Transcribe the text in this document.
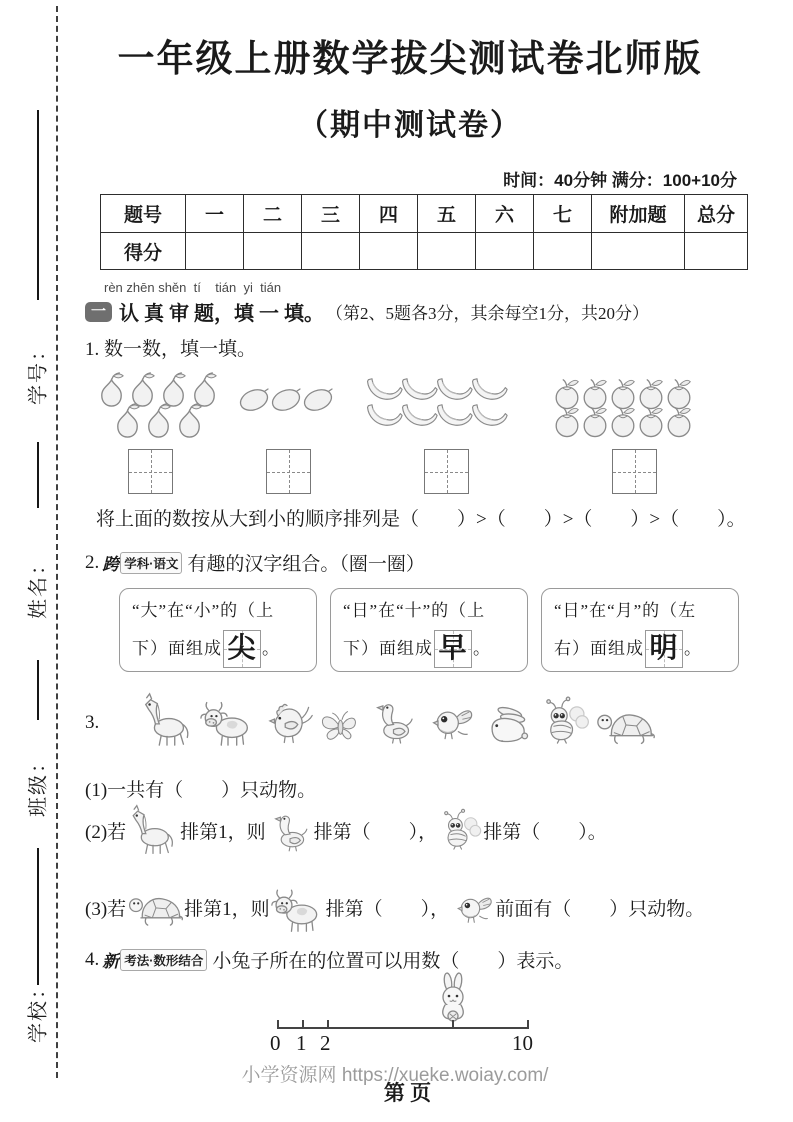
学号：
姓名：
班级：
学校：
一年级上册数学拔尖测试卷北师版
（期中测试卷）
时间：40分钟 满分：100+10分
题号	一	二	三	四	五	六	七	附加题	总分
得分									
rèn zhēn shěn  tí    tián  yi  tián
一 认 真 审 题，填 一 填。 （第2、5题各3分，其余每空1分，共20分）
1. 数一数，填一填。
将上面的数按从大到小的顺序排列是（　　）>（　　）>（　　）>（　　）。
2. 跨 学科·语文 有趣的汉字组合。（圈一圈）
“大”在“小”的（上
下）面组成 尖 。
“日”在“十”的（上
下）面组成 早 。
“日”在“月”的（左
右）面组成 明 。
3.
(1)一共有（　　）只动物。
(2)若	排第1，则	排第（　　）， 排第（　　）。
(3)若	排第1，则	排第（　　）， 前面有（　　）只动物。
4. 新 考法·数形结合 小兔子所在的位置可以用数（　　）表示。
0 1 2	10
小学资源网 https://xueke.woiay.com/
第 页
